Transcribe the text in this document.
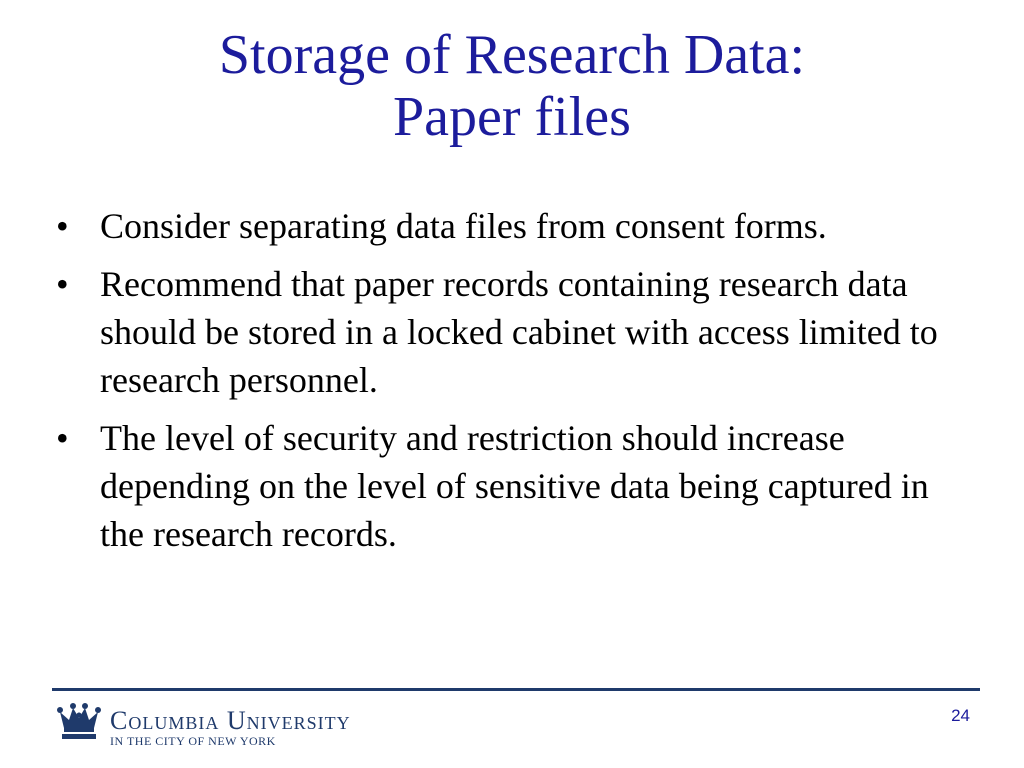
Storage of Research Data:
Paper files
• Consider separating data files from consent forms.
• Recommend that paper records containing research data should be stored in a locked cabinet with access limited to research personnel.
• The level of security and restriction should increase depending on the level of sensitive data being captured in the research records.
Columbia University
IN THE CITY OF NEW YORK
24
